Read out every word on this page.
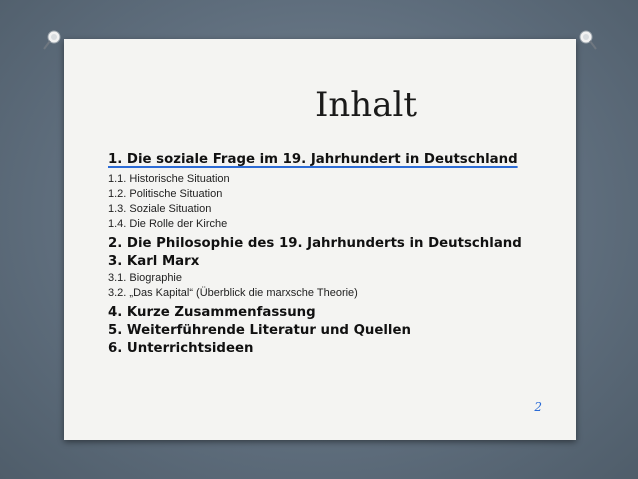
Inhalt
1. Die soziale Frage im 19. Jahrhundert in Deutschland
1.1. Historische Situation
1.2. Politische Situation
1.3. Soziale Situation
1.4. Die Rolle der Kirche
2. Die Philosophie des 19. Jahrhunderts in Deutschland
3. Karl Marx
3.1. Biographie
3.2. „Das Kapital“ (Überblick die marxsche Theorie)
4. Kurze Zusammenfassung
5. Weiterführende Literatur und Quellen
6. Unterrichtsideen
2
